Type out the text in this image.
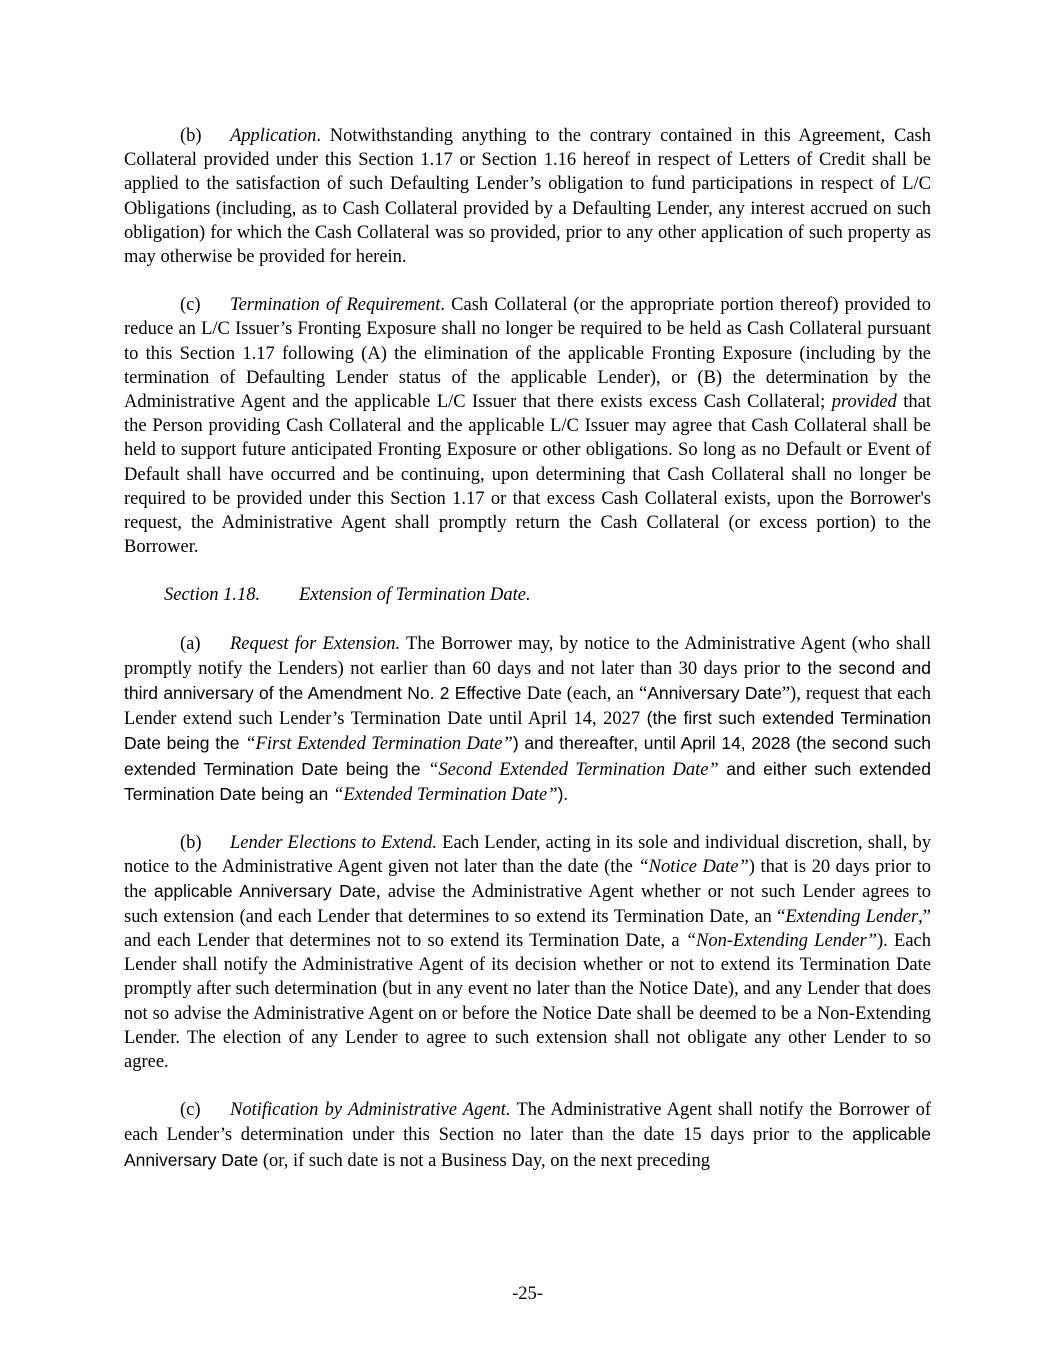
(b) Application. Notwithstanding anything to the contrary contained in this Agreement, Cash Collateral provided under this Section 1.17 or Section 1.16 hereof in respect of Letters of Credit shall be applied to the satisfaction of such Defaulting Lender’s obligation to fund participations in respect of L/C Obligations (including, as to Cash Collateral provided by a Defaulting Lender, any interest accrued on such obligation) for which the Cash Collateral was so provided, prior to any other application of such property as may otherwise be provided for herein.

(c) Termination of Requirement. Cash Collateral (or the appropriate portion thereof) provided to reduce an L/C Issuer’s Fronting Exposure shall no longer be required to be held as Cash Collateral pursuant to this Section 1.17 following (A) the elimination of the applicable Fronting Exposure (including by the termination of Defaulting Lender status of the applicable Lender), or (B) the determination by the Administrative Agent and the applicable L/C Issuer that there exists excess Cash Collateral; provided that the Person providing Cash Collateral and the applicable L/C Issuer may agree that Cash Collateral shall be held to support future anticipated Fronting Exposure or other obligations. So long as no Default or Event of Default shall have occurred and be continuing, upon determining that Cash Collateral shall no longer be required to be provided under this Section 1.17 or that excess Cash Collateral exists, upon the Borrower's request, the Administrative Agent shall promptly return the Cash Collateral (or excess portion) to the Borrower.

Section 1.18. Extension of Termination Date.

(a) Request for Extension. The Borrower may, by notice to the Administrative Agent (who shall promptly notify the Lenders) not earlier than 60 days and not later than 30 days prior to the second and third anniversary of the Amendment No. 2 Effective Date (each, an “Anniversary Date”), request that each Lender extend such Lender’s Termination Date until April 14, 2027 (the first such extended Termination Date being the “First Extended Termination Date”) and thereafter, until April 14, 2028 (the second such extended Termination Date being the “Second Extended Termination Date” and either such extended Termination Date being an “Extended Termination Date”).

(b) Lender Elections to Extend. Each Lender, acting in its sole and individual discretion, shall, by notice to the Administrative Agent given not later than the date (the “Notice Date”) that is 20 days prior to the applicable Anniversary Date, advise the Administrative Agent whether or not such Lender agrees to such extension (and each Lender that determines to so extend its Termination Date, an “Extending Lender,” and each Lender that determines not to so extend its Termination Date, a “Non-Extending Lender”). Each Lender shall notify the Administrative Agent of its decision whether or not to extend its Termination Date promptly after such determination (but in any event no later than the Notice Date), and any Lender that does not so advise the Administrative Agent on or before the Notice Date shall be deemed to be a Non-Extending Lender. The election of any Lender to agree to such extension shall not obligate any other Lender to so agree.

(c) Notification by Administrative Agent. The Administrative Agent shall notify the Borrower of each Lender’s determination under this Section no later than the date 15 days prior to the applicable Anniversary Date (or, if such date is not a Business Day, on the next preceding

-25-
